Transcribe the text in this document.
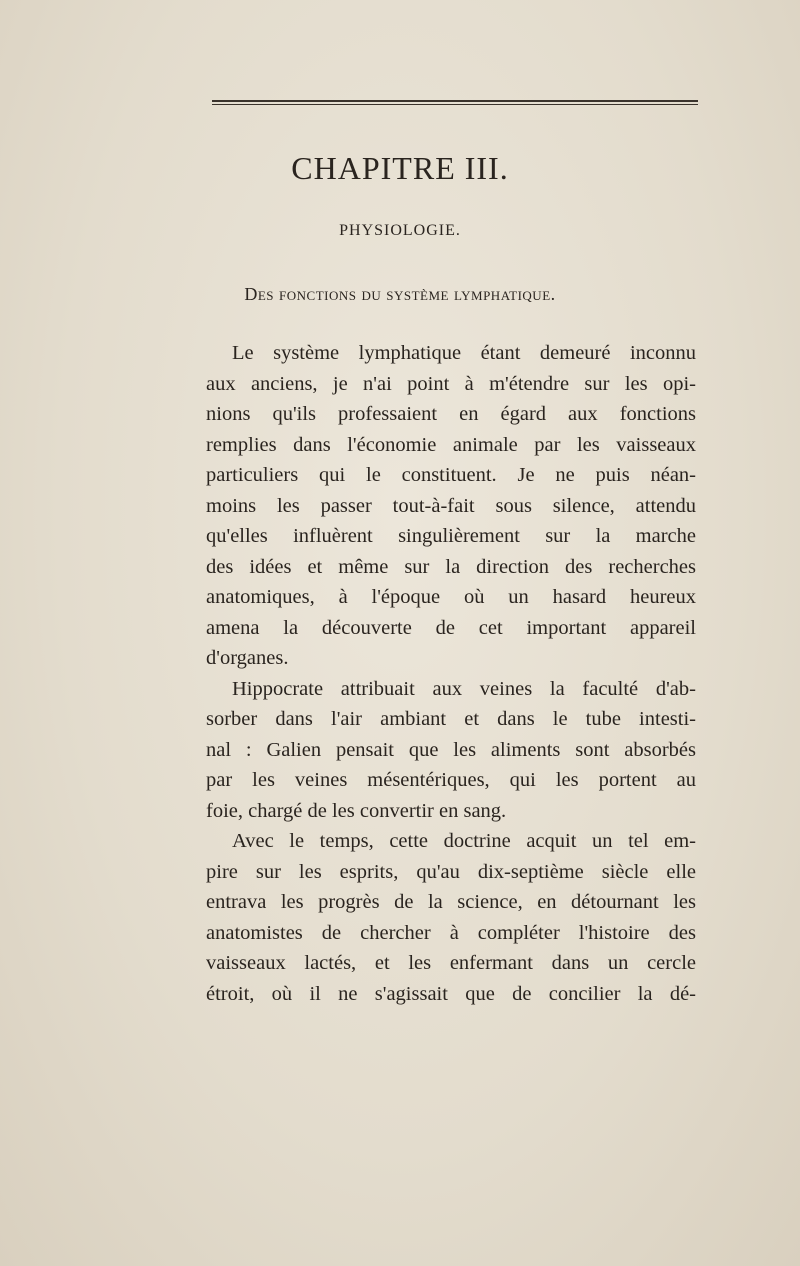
CHAPITRE III.
PHYSIOLOGIE.
Des fonctions du système lymphatique.
Le système lymphatique étant demeuré inconnu
aux anciens, je n'ai point à m'étendre sur les opi-
nions qu'ils professaient en égard aux fonctions
remplies dans l'économie animale par les vaisseaux
particuliers qui le constituent. Je ne puis néan-
moins les passer tout-à-fait sous silence, attendu
qu'elles influèrent singulièrement sur la marche
des idées et même sur la direction des recherches
anatomiques, à l'époque où un hasard heureux
amena la découverte de cet important appareil
d'organes.
Hippocrate attribuait aux veines la faculté d'ab-
sorber dans l'air ambiant et dans le tube intesti-
nal : Galien pensait que les aliments sont absorbés
par les veines mésentériques, qui les portent au
foie, chargé de les convertir en sang.
Avec le temps, cette doctrine acquit un tel em-
pire sur les esprits, qu'au dix-septième siècle elle
entrava les progrès de la science, en détournant les
anatomistes de chercher à compléter l'histoire des
vaisseaux lactés, et les enfermant dans un cercle
étroit, où il ne s'agissait que de concilier la dé-
